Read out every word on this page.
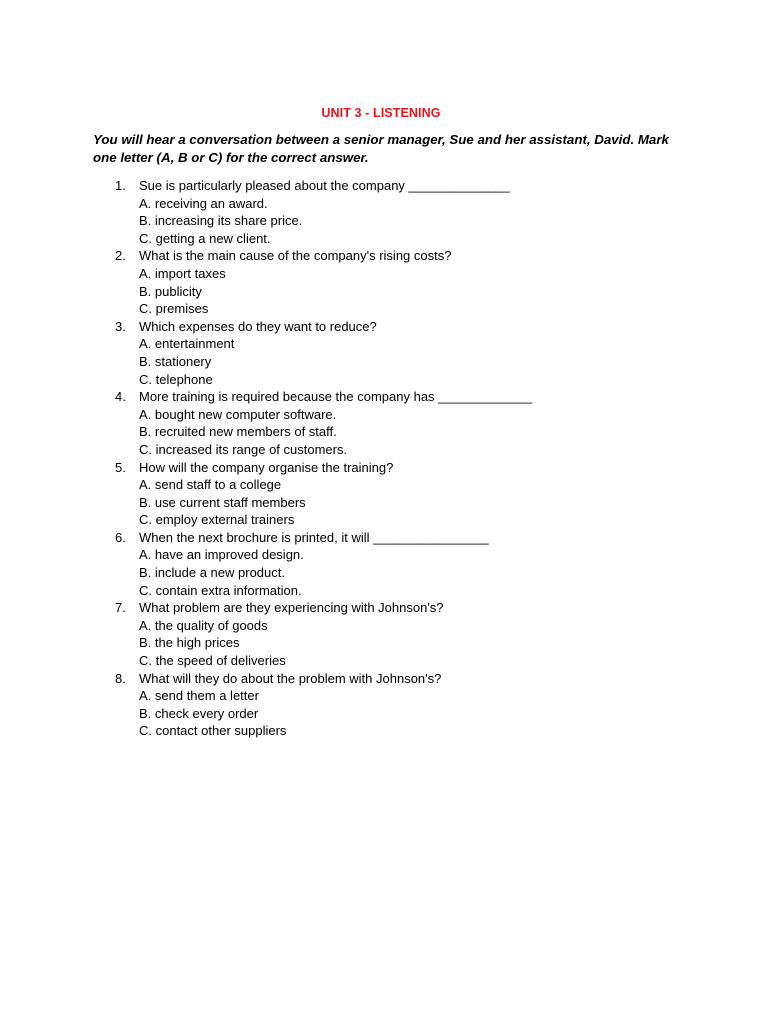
UNIT 3 - LISTENING
You will hear a conversation between a senior manager, Sue and her assistant, David. Mark one letter (A, B or C) for the correct answer.
1. Sue is particularly pleased about the company ______________
A. receiving an award.
B. increasing its share price.
C. getting a new client.
2. What is the main cause of the company's rising costs?
A. import taxes
B. publicity
C. premises
3. Which expenses do they want to reduce?
A. entertainment
B. stationery
C. telephone
4. More training is required because the company has _____________
A. bought new computer software.
B. recruited new members of staff.
C. increased its range of customers.
5. How will the company organise the training?
A. send staff to a college
B. use current staff members
C. employ external trainers
6. When the next brochure is printed, it will ________________
A. have an improved design.
B. include a new product.
C. contain extra information.
7. What problem are they experiencing with Johnson's?
A. the quality of goods
B. the high prices
C. the speed of deliveries
8. What will they do about the problem with Johnson's?
A. send them a letter
B. check every order
C. contact other suppliers
